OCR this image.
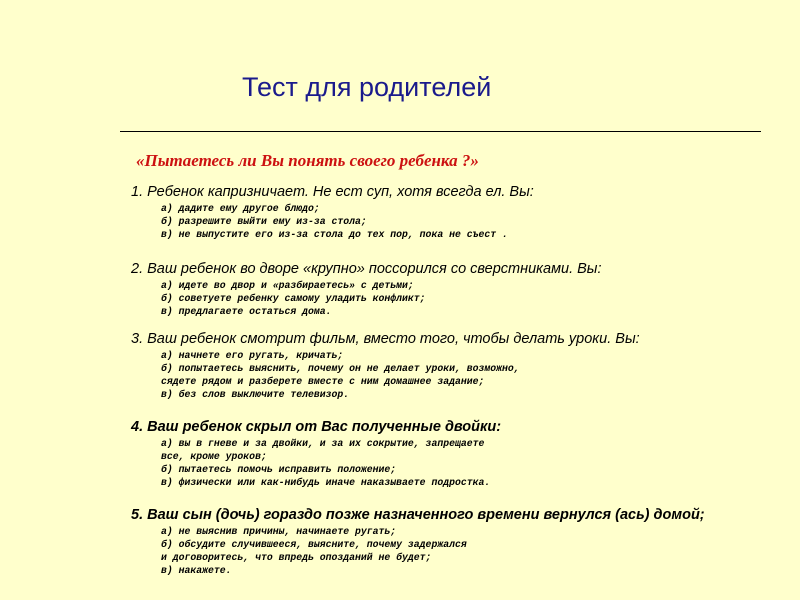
Тест для родителей
«Пытаетесь ли Вы понять своего ребенка ?»
1. Ребенок капризничает. Не ест суп, хотя всегда ел. Вы:
а) дадите ему другое блюдо;
б) разрешите выйти ему из-за стола;
в) не выпустите его из-за стола до тех пор, пока не съест .
2. Ваш ребенок во дворе «крупно» поссорился со сверстниками. Вы:
а) идете во двор и «разбираетесь» с детьми;
б) советуете ребенку самому уладить конфликт;
в) предлагаете остаться дома.
3. Ваш ребенок смотрит фильм, вместо того, чтобы делать уроки. Вы:
а) начнете его ругать, кричать;
б) попытаетесь выяснить, почему он не делает уроки, возможно,
сядете рядом и разберете вместе с ним домашнее задание;
в) без слов выключите телевизор.
4. Ваш ребенок скрыл от Вас полученные двойки:
а) вы в гневе и за двойки, и за их сокрытие, запрещаете
все, кроме уроков;
б) пытаетесь помочь исправить положение;
в) физически или как-нибудь иначе наказываете подростка.
5. Ваш сын (дочь) гораздо позже назначенного времени вернулся (ась) домой;
а) не выяснив причины, начинаете ругать;
б) обсудите случившееся, выясните, почему задержался
и договоритесь, что впредь опозданий не будет;
в) накажете.
